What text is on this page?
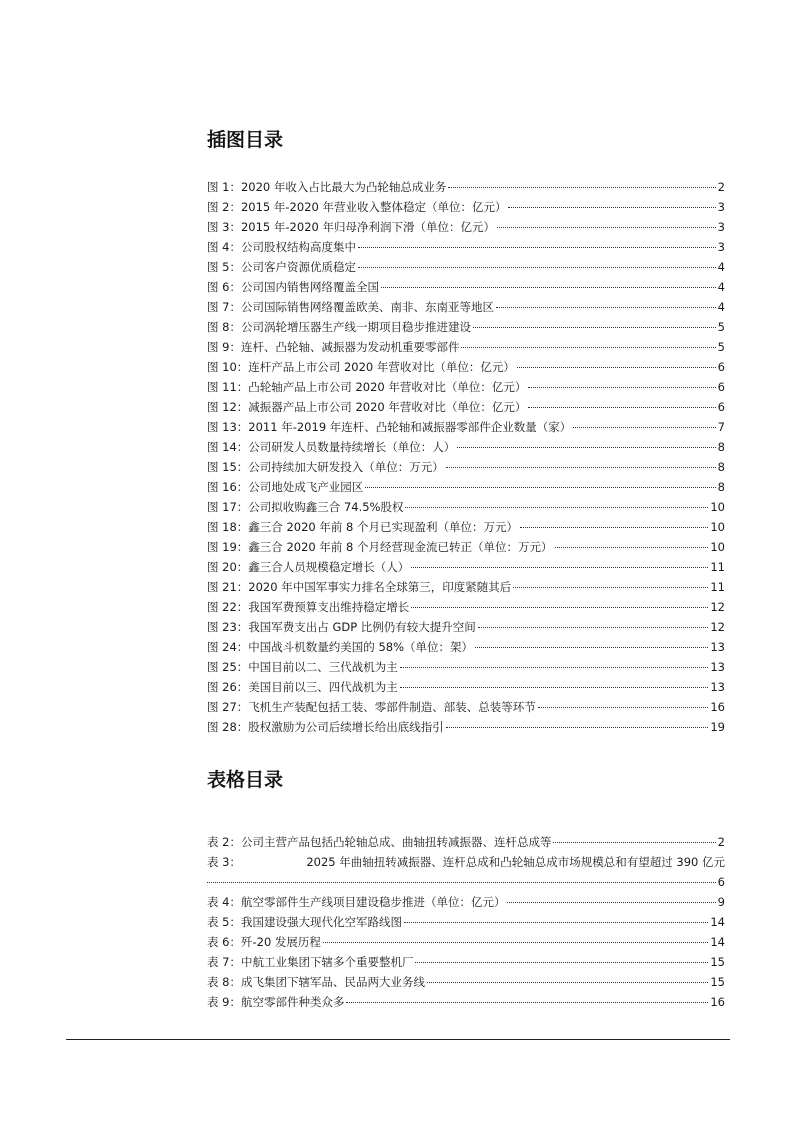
插图目录
图 1：2020 年收入占比最大为凸轮轴总成业务	2
图 2：2015 年-2020 年营业收入整体稳定（单位：亿元）	3
图 3：2015 年-2020 年归母净利润下滑（单位：亿元）	3
图 4：公司股权结构高度集中	3
图 5：公司客户资源优质稳定	4
图 6：公司国内销售网络覆盖全国	4
图 7：公司国际销售网络覆盖欧美、南非、东南亚等地区	4
图 8：公司涡轮增压器生产线一期项目稳步推进建设	5
图 9：连杆、凸轮轴、减振器为发动机重要零部件	5
图 10：连杆产品上市公司 2020 年营收对比（单位：亿元）	6
图 11：凸轮轴产品上市公司 2020 年营收对比（单位：亿元）	6
图 12：减振器产品上市公司 2020 年营收对比（单位：亿元）	6
图 13：2011 年-2019 年连杆、凸轮轴和减振器零部件企业数量（家）	7
图 14：公司研发人员数量持续增长（单位：人）	8
图 15：公司持续加大研发投入（单位：万元）	8
图 16：公司地处成飞产业园区	8
图 17：公司拟收购鑫三合 74.5%股权	10
图 18：鑫三合 2020 年前 8 个月已实现盈利（单位：万元）	10
图 19：鑫三合 2020 年前 8 个月经营现金流已转正（单位：万元）	10
图 20：鑫三合人员规模稳定增长（人）	11
图 21：2020 年中国军事实力排名全球第三，印度紧随其后	11
图 22：我国军费预算支出维持稳定增长	12
图 23：我国军费支出占 GDP 比例仍有较大提升空间	12
图 24：中国战斗机数量约美国的 58%（单位：架）	13
图 25：中国目前以二、三代战机为主	13
图 26：美国目前以三、四代战机为主	13
图 27：飞机生产装配包括工装、零部件制造、部装、总装等环节	16
图 28：股权激励为公司后续增长给出底线指引	19
表格目录
表 2：公司主营产品包括凸轮轴总成、曲轴扭转减振器、连杆总成等	2
表 3：	2025 年曲轴扭转减振器、连杆总成和凸轮轴总成市场规模总和有望超过 390 亿元
6
表 4：航空零部件生产线项目建设稳步推进（单位：亿元）	9
表 5：我国建设强大现代化空军路线图	14
表 6：歼-20 发展历程	14
表 7：中航工业集团下辖多个重要整机厂	15
表 8：成飞集团下辖军品、民品两大业务线	15
表 9：航空零部件种类众多	16
